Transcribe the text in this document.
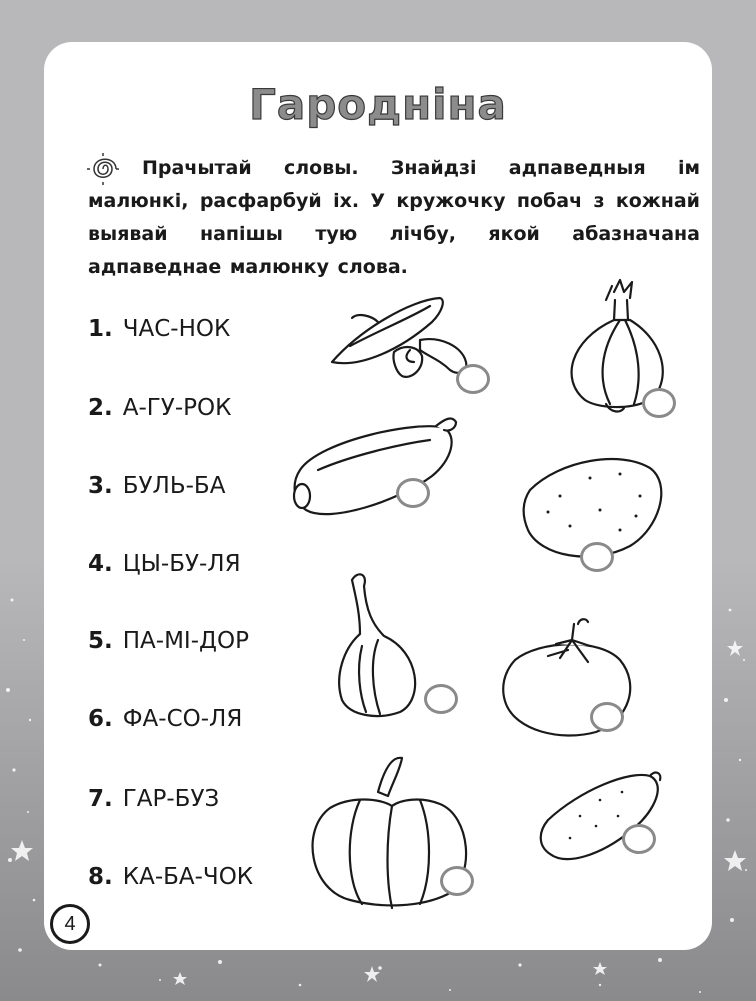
Гароднiна

Прачытай словы. Знайдзі адпаведныя ім малюнкі, расфарбуй іх. У кружочку побач з кожнай выявай напішы тую лічбу, якой абазначана адпаведнае малюнку слова.

1. ЧАС-НОК
2. А-ГУ-РОК
3. БУЛЬ-БА
4. ЦЫ-БУ-ЛЯ
5. ПА-МІ-ДОР
6. ФА-СО-ЛЯ
7. ГАР-БУЗ
8. КА-БА-ЧОК
4
